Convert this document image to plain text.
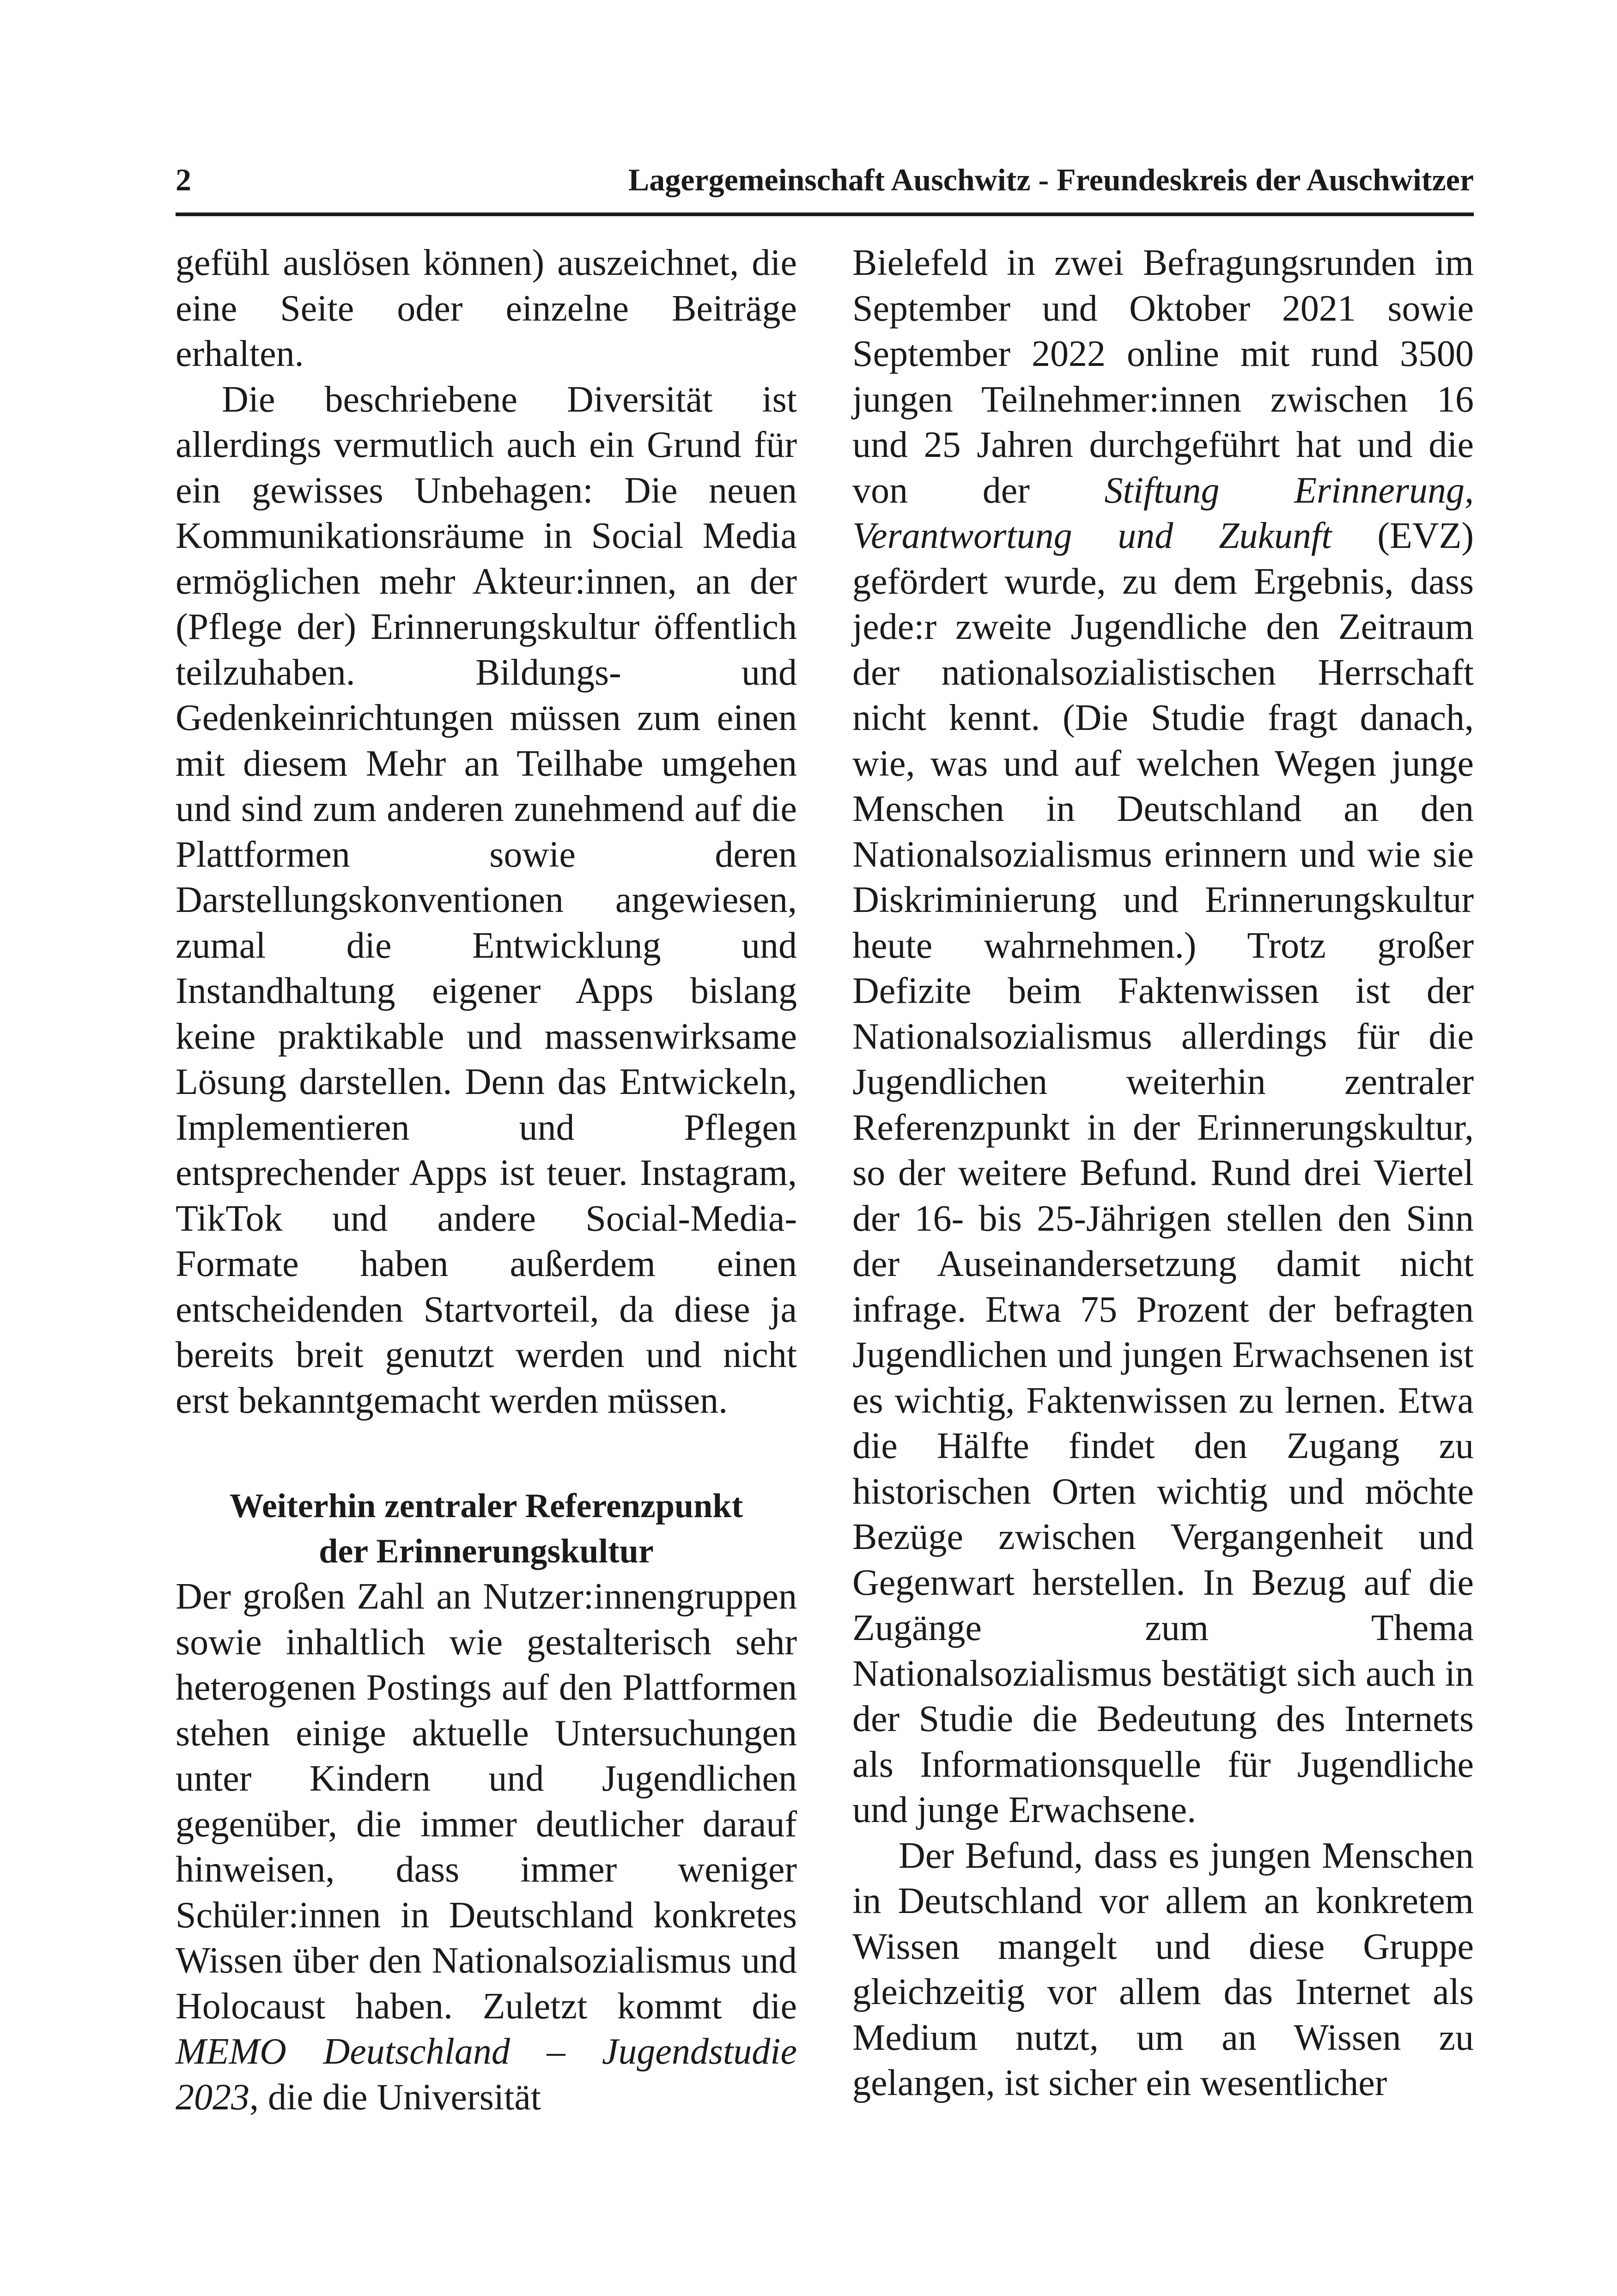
2	Lagergemeinschaft Auschwitz - Freundeskreis der Auschwitzer

gefühl auslösen können) auszeichnet, die eine Seite oder einzelne Beiträge erhalten.

Die beschriebene Diversität ist allerdings vermutlich auch ein Grund für ein gewisses Unbehagen: Die neuen Kommunikationsräume in Social Media ermöglichen mehr Akteur:innen, an der (Pflege der) Erinnerungskultur öffentlich teilzuhaben. Bildungs- und Gedenkeinrichtungen müssen zum einen mit diesem Mehr an Teilhabe umgehen und sind zum anderen zunehmend auf die Plattformen sowie deren Darstellungskonventionen angewiesen, zumal die Entwicklung und Instandhaltung eigener Apps bislang keine praktikable und massenwirksame Lösung darstellen. Denn das Entwickeln, Implementieren und Pflegen entsprechender Apps ist teuer. Instagram, TikTok und andere Social-Media-Formate haben außerdem einen entscheidenden Startvorteil, da diese ja bereits breit genutzt werden und nicht erst bekanntgemacht werden müssen.

Weiterhin zentraler Referenzpunkt
der Erinnerungskultur

Der großen Zahl an Nutzer:innengruppen sowie inhaltlich wie gestalterisch sehr heterogenen Postings auf den Plattformen stehen einige aktuelle Untersuchungen unter Kindern und Jugendlichen gegenüber, die immer deutlicher darauf hinweisen, dass immer weniger Schüler:innen in Deutschland konkretes Wissen über den Nationalsozialismus und Holocaust haben. Zuletzt kommt die MEMO Deutschland – Jugendstudie 2023, die die Universität

Bielefeld in zwei Befragungsrunden im September und Oktober 2021 sowie September 2022 online mit rund 3500 jungen Teilnehmer:innen zwischen 16 und 25 Jahren durchgeführt hat und die von der Stiftung Erinnerung, Verantwortung und Zukunft (EVZ) gefördert wurde, zu dem Ergebnis, dass jede:r zweite Jugendliche den Zeitraum der nationalsozialistischen Herrschaft nicht kennt. (Die Studie fragt danach, wie, was und auf welchen Wegen junge Menschen in Deutschland an den Nationalsozialismus erinnern und wie sie Diskriminierung und Erinnerungskultur heute wahrnehmen.) Trotz großer Defizite beim Faktenwissen ist der Nationalsozialismus allerdings für die Jugendlichen weiterhin zentraler Referenzpunkt in der Erinnerungskultur, so der weitere Befund. Rund drei Viertel der 16- bis 25-Jährigen stellen den Sinn der Auseinandersetzung damit nicht infrage. Etwa 75 Prozent der befragten Jugendlichen und jungen Erwachsenen ist es wichtig, Faktenwissen zu lernen. Etwa die Hälfte findet den Zugang zu historischen Orten wichtig und möchte Bezüge zwischen Vergangenheit und Gegenwart herstellen. In Bezug auf die Zugänge zum Thema Nationalsozialismus bestätigt sich auch in der Studie die Bedeutung des Internets als Informationsquelle für Jugendliche und junge Erwachsene.

Der Befund, dass es jungen Menschen in Deutschland vor allem an konkretem Wissen mangelt und diese Gruppe gleichzeitig vor allem das Internet als Medium nutzt, um an Wissen zu gelangen, ist sicher ein wesentlicher
